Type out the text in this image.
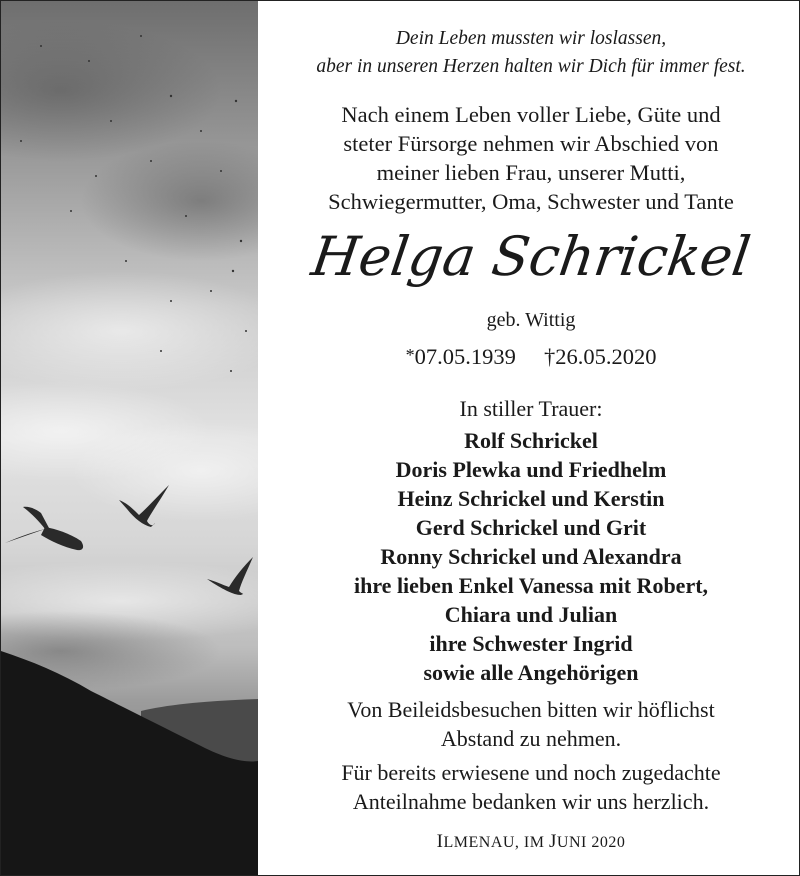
Dein Leben mussten wir loslassen,
aber in unseren Herzen halten wir Dich für immer fest.
Nach einem Leben voller Liebe, Güte und
steter Fürsorge nehmen wir Abschied von
meiner lieben Frau, unserer Mutti,
Schwiegermutter, Oma, Schwester und Tante
Helga Schrickel
geb. Wittig
*07.05.1939 †26.05.2020
In stiller Trauer:
Rolf Schrickel
Doris Plewka und Friedhelm
Heinz Schrickel und Kerstin
Gerd Schrickel und Grit
Ronny Schrickel und Alexandra
ihre lieben Enkel Vanessa mit Robert,
Chiara und Julian
ihre Schwester Ingrid
sowie alle Angehörigen
Von Beileidsbesuchen bitten wir höflichst
Abstand zu nehmen.
Für bereits erwiesene und noch zugedachte
Anteilnahme bedanken wir uns herzlich.
ILMENAU, IM JUNI 2020
